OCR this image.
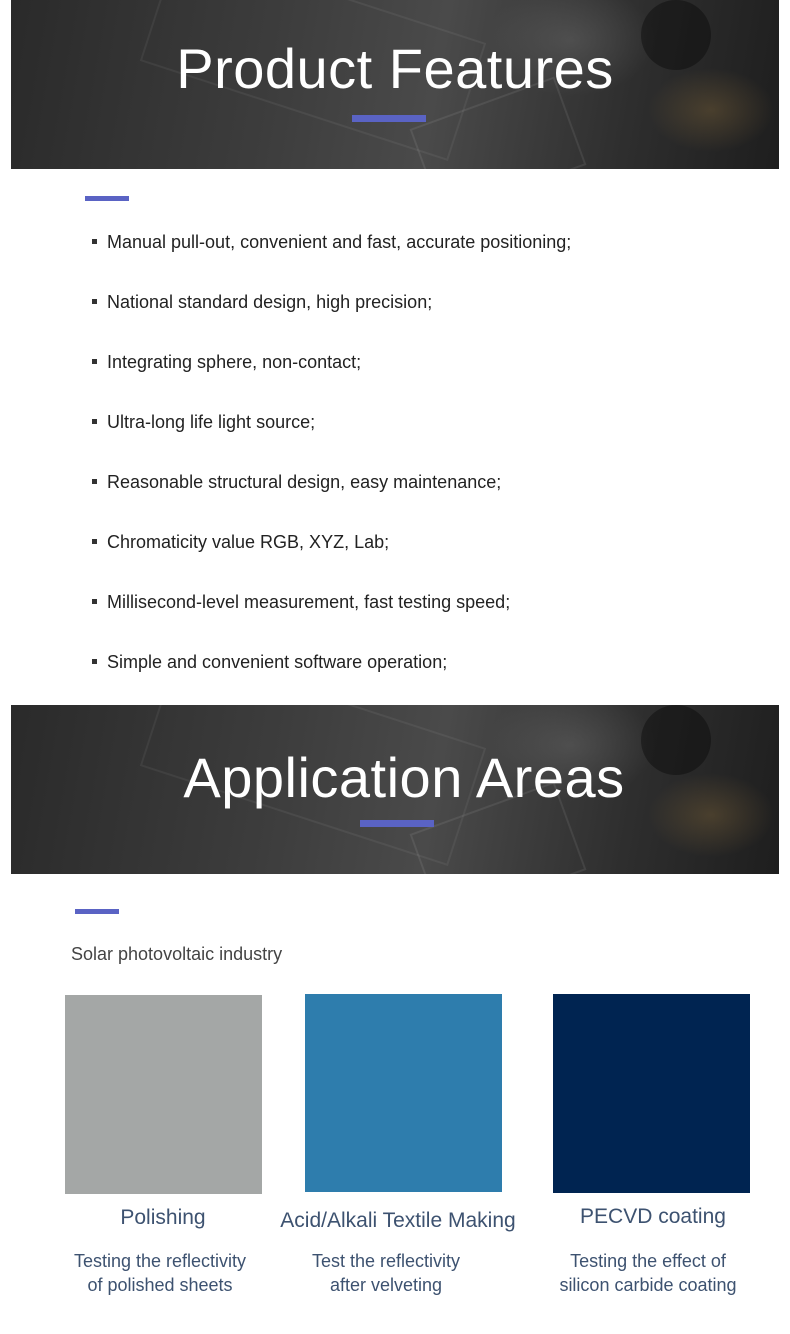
Product Features
Manual pull-out, convenient and fast, accurate positioning;
National standard design, high precision;
Integrating sphere, non-contact;
Ultra-long life light source;
Reasonable structural design, easy maintenance;
Chromaticity value RGB, XYZ, Lab;
Millisecond-level measurement, fast testing speed;
Simple and convenient software operation;
Application Areas
Solar photovoltaic industry
Polishing
Testing the reflectivity
of polished sheets
Acid/Alkali Textile Making
Test the reflectivity
after velveting
PECVD coating
Testing the effect of
silicon carbide coating
